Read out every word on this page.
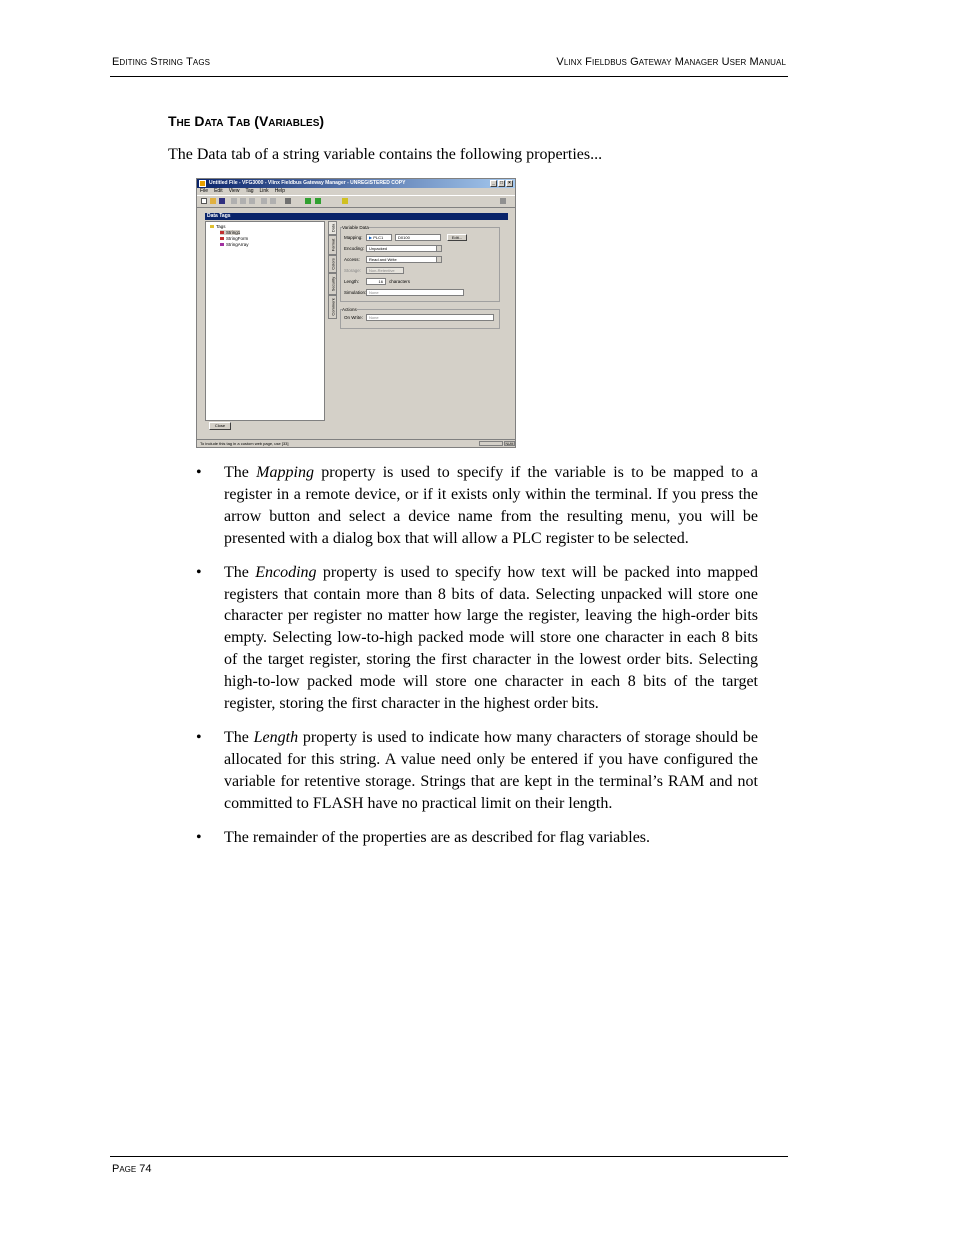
Editing String Tags	Vlinx Fieldbus Gateway Manager User Manual
The Data Tab (Variables)
The Data tab of a string variable contains the following properties...
Untitled File - VFG3000 - Vlinx Fieldbus Gateway Manager - UNREGISTERED COPY	_	□	×
File Edit View Tag Link Help
Data Tags
Tags
String1
StringForm
StringArray
Data
Format
Colors
Security
Comment
Variable Data
Mapping:	▶ PLC1	D0100	Edit...
Encoding:	Unpacked
Access:	Read and Write
Storage:	Non-Retentive
Length:	16	characters
Simulation: None
Actions
On Write:	None
Close
To include this tag in a custom web page, use [33]	NUM
• The Mapping property is used to specify if the variable is to be mapped to a register in a remote device, or if it exists only within the terminal. If you press the arrow button and select a device name from the resulting menu, you will be presented with a dialog box that will allow a PLC register to be selected.
• The Encoding property is used to specify how text will be packed into mapped registers that contain more than 8 bits of data. Selecting unpacked will store one character per register no matter how large the register, leaving the high-order bits empty. Selecting low-to-high packed mode will store one character in each 8 bits of the target register, storing the first character in the lowest order bits. Selecting high-to-low packed mode will store one character in each 8 bits of the target register, storing the first character in the highest order bits.
• The Length property is used to indicate how many characters of storage should be allocated for this string. A value need only be entered if you have configured the variable for retentive storage. Strings that are kept in the terminal’s RAM and not committed to FLASH have no practical limit on their length.
• The remainder of the properties are as described for flag variables.
Page 74
